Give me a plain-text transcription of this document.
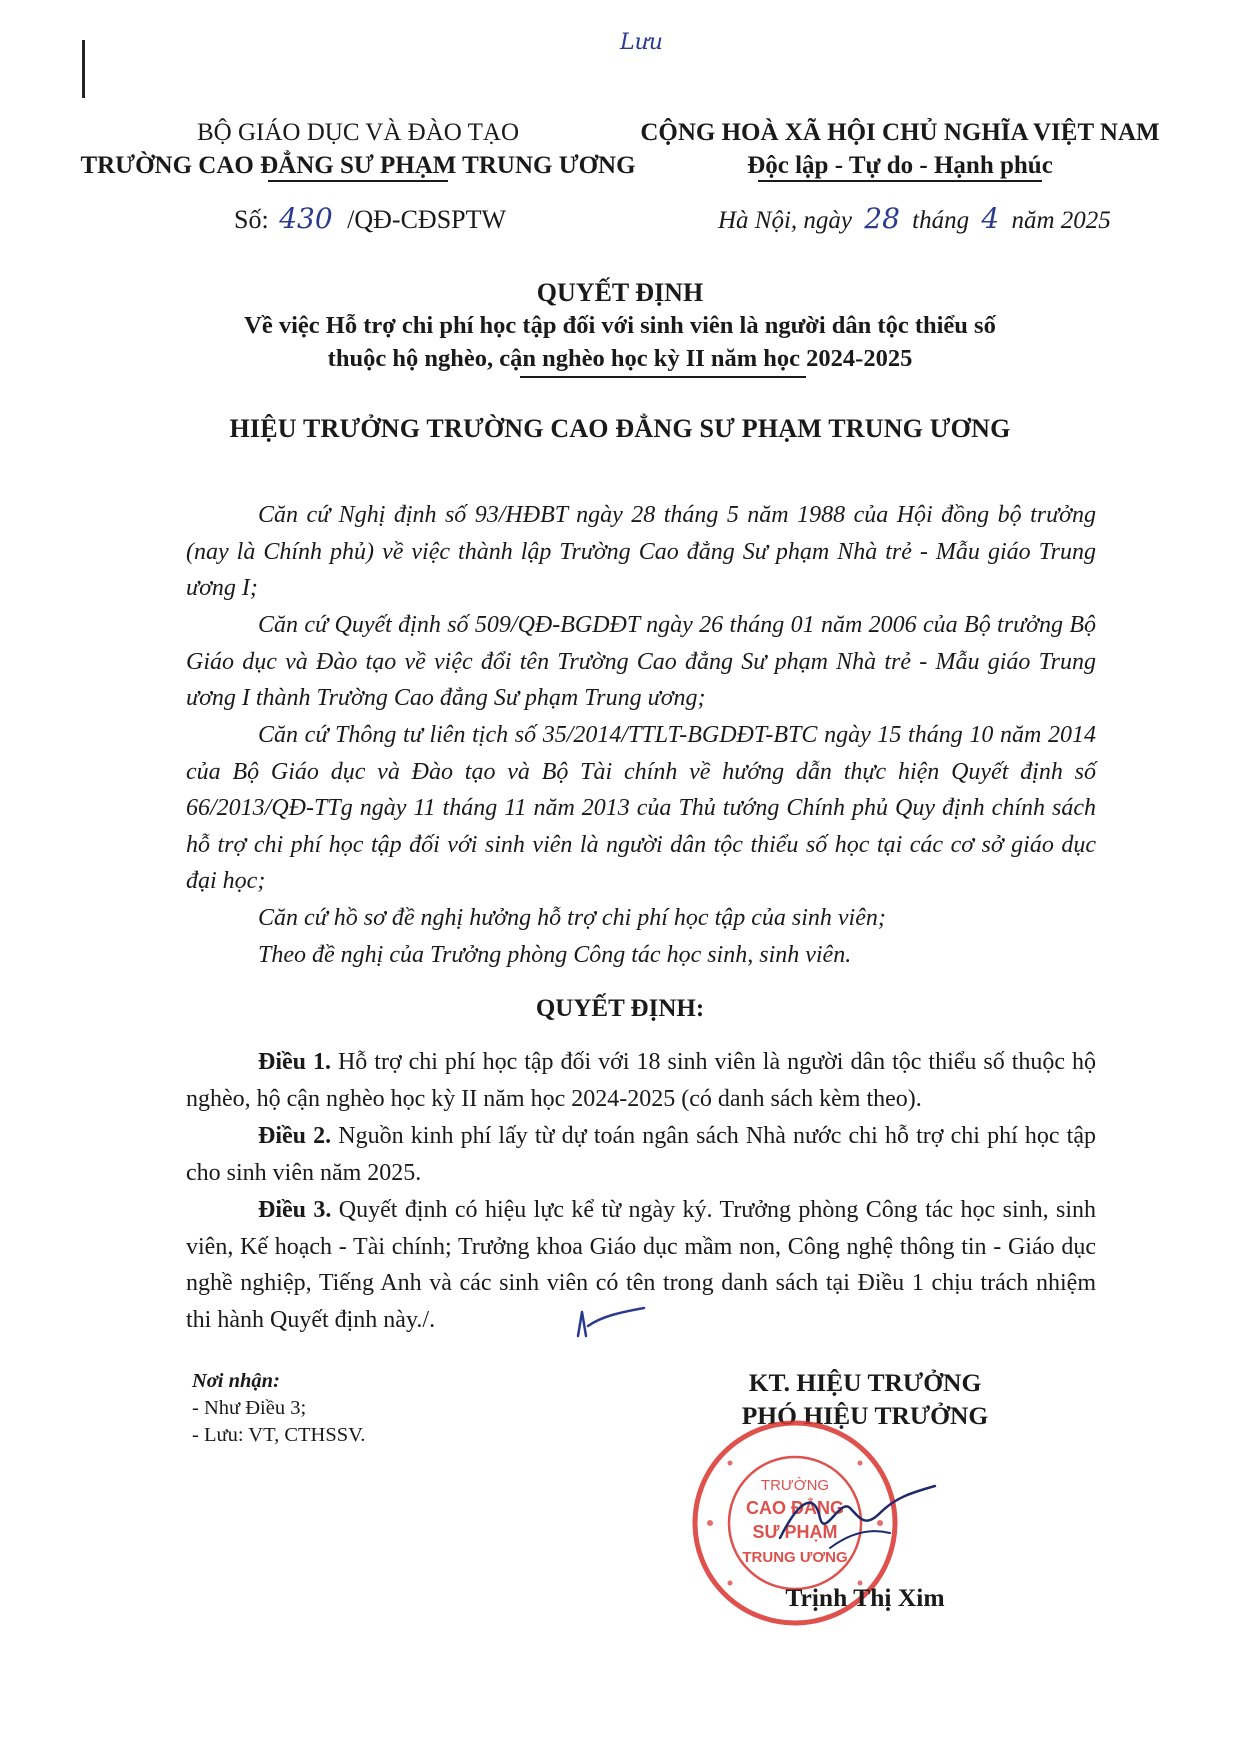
Lưu
BỘ GIÁO DỤC VÀ ĐÀO TẠO
TRƯỜNG CAO ĐẲNG SƯ PHẠM TRUNG ƯƠNG
CỘNG HOÀ XÃ HỘI CHỦ NGHĨA VIỆT NAM
Độc lập - Tự do - Hạnh phúc
Số: 430 /QĐ-CĐSPTW	Hà Nội, ngày 28 tháng 4 năm 2025
QUYẾT ĐỊNH
Về việc Hỗ trợ chi phí học tập đối với sinh viên là người dân tộc thiểu số
thuộc hộ nghèo, cận nghèo học kỳ II năm học 2024-2025
HIỆU TRƯỞNG TRƯỜNG CAO ĐẲNG SƯ PHẠM TRUNG ƯƠNG
Căn cứ Nghị định số 93/HĐBT ngày 28 tháng 5 năm 1988 của Hội đồng bộ trưởng (nay là Chính phủ) về việc thành lập Trường Cao đẳng Sư phạm Nhà trẻ - Mẫu giáo Trung ương I;
Căn cứ Quyết định số 509/QĐ-BGDĐT ngày 26 tháng 01 năm 2006 của Bộ trưởng Bộ Giáo dục và Đào tạo về việc đổi tên Trường Cao đẳng Sư phạm Nhà trẻ - Mẫu giáo Trung ương I thành Trường Cao đẳng Sư phạm Trung ương;
Căn cứ Thông tư liên tịch số 35/2014/TTLT-BGDĐT-BTC ngày 15 tháng 10 năm 2014 của Bộ Giáo dục và Đào tạo và Bộ Tài chính về hướng dẫn thực hiện Quyết định số 66/2013/QĐ-TTg ngày 11 tháng 11 năm 2013 của Thủ tướng Chính phủ Quy định chính sách hỗ trợ chi phí học tập đối với sinh viên là người dân tộc thiểu số học tại các cơ sở giáo dục đại học;
Căn cứ hồ sơ đề nghị hưởng hỗ trợ chi phí học tập của sinh viên;
Theo đề nghị của Trưởng phòng Công tác học sinh, sinh viên.
QUYẾT ĐỊNH:
Điều 1. Hỗ trợ chi phí học tập đối với 18 sinh viên là người dân tộc thiểu số thuộc hộ nghèo, hộ cận nghèo học kỳ II năm học 2024-2025 (có danh sách kèm theo).
Điều 2. Nguồn kinh phí lấy từ dự toán ngân sách Nhà nước chi hỗ trợ chi phí học tập cho sinh viên năm 2025.
Điều 3. Quyết định có hiệu lực kể từ ngày ký. Trưởng phòng Công tác học sinh, sinh viên, Kế hoạch - Tài chính; Trưởng khoa Giáo dục mầm non, Công nghệ thông tin - Giáo dục nghề nghiệp, Tiếng Anh và các sinh viên có tên trong danh sách tại Điều 1 chịu trách nhiệm thi hành Quyết định này./.
Nơi nhận:
- Như Điều 3;
- Lưu: VT, CTHSSV.
KT. HIỆU TRƯỞNG
PHÓ HIỆU TRƯỞNG
TRƯỜNG
CAO ĐẲNG
SƯ PHẠM
TRUNG ƯƠNG
Trịnh Thị Xim
